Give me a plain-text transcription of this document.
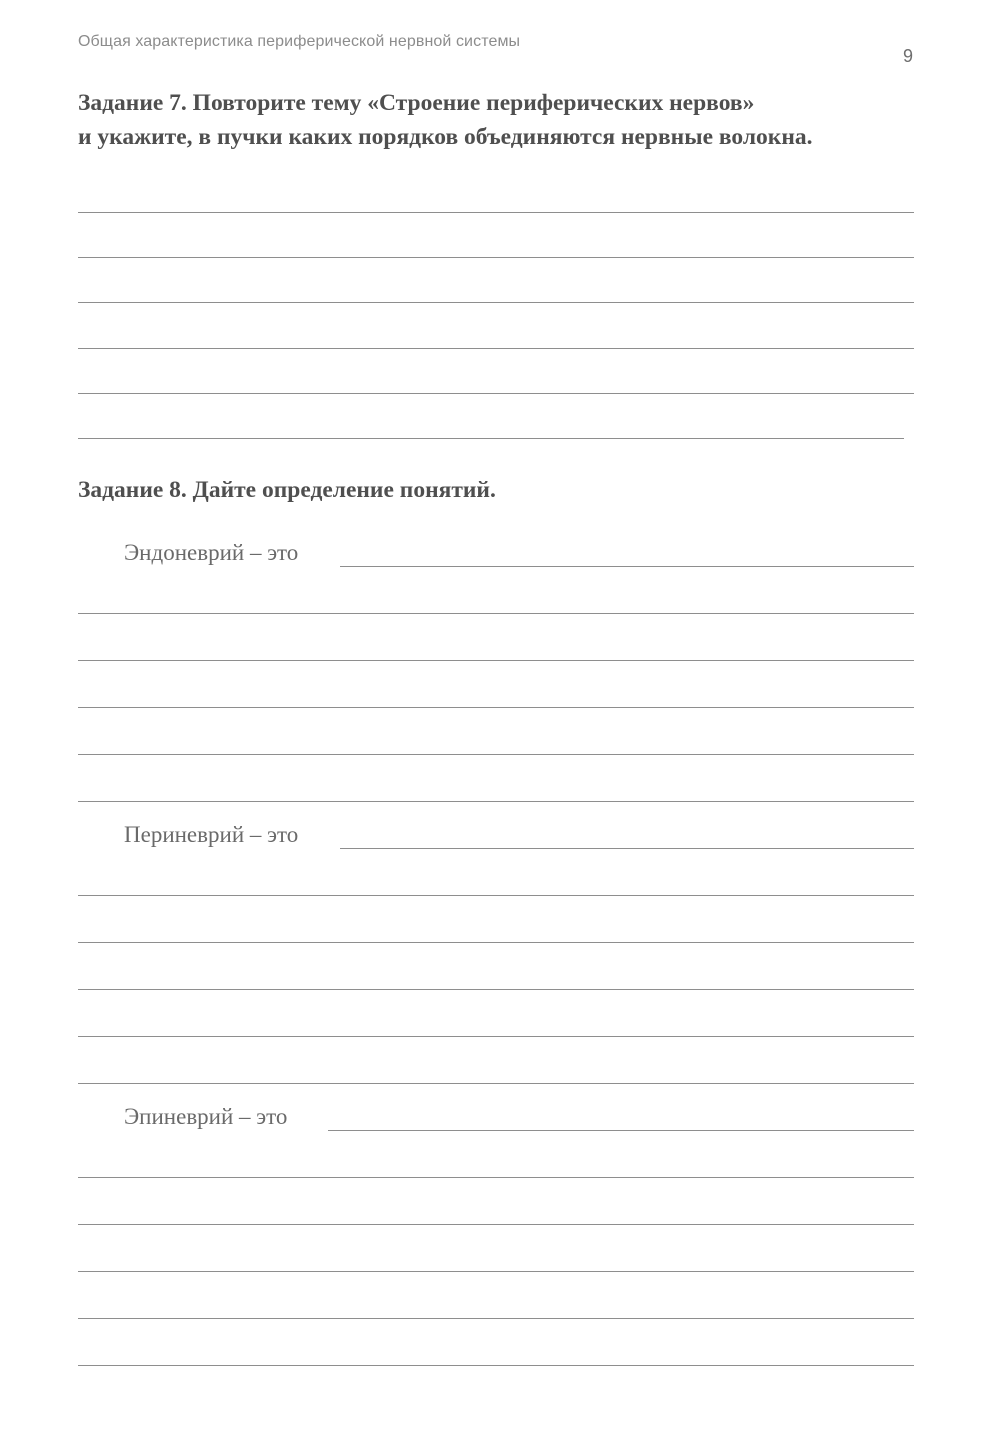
Общая характеристика периферической нервной системы
9
Задание 7. Повторите тему «Строение периферических нервов»
и укажите, в пучки каких порядков объединяются нервные волокна.
Задание 8. Дайте определение понятий.
Эндоневрий – это
Периневрий – это
Эпиневрий – это
